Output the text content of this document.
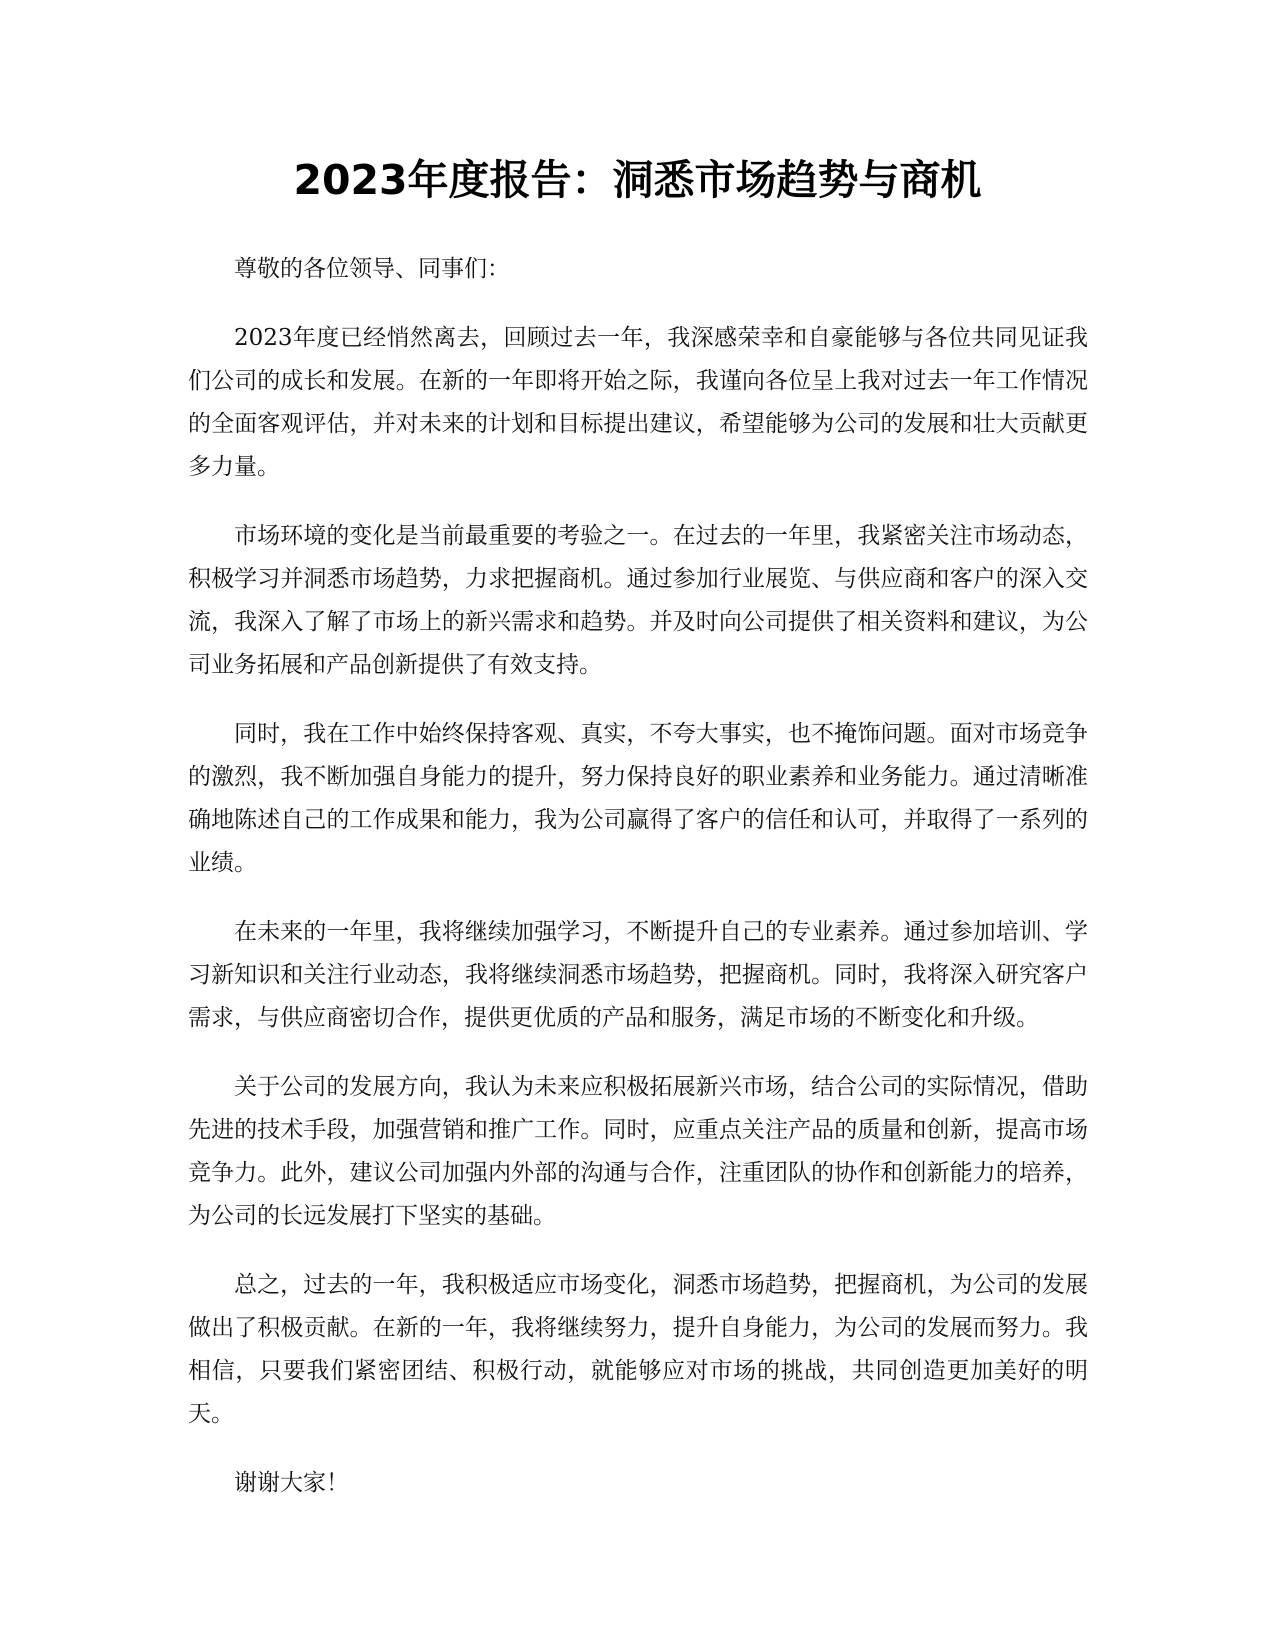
2023年度报告：洞悉市场趋势与商机

尊敬的各位领导、同事们：

2023年度已经悄然离去，回顾过去一年，我深感荣幸和自豪能够与各位共同见证我们公司的成长和发展。在新的一年即将开始之际，我谨向各位呈上我对过去一年工作情况的全面客观评估，并对未来的计划和目标提出建议，希望能够为公司的发展和壮大贡献更多力量。

市场环境的变化是当前最重要的考验之一。在过去的一年里，我紧密关注市场动态，积极学习并洞悉市场趋势，力求把握商机。通过参加行业展览、与供应商和客户的深入交流，我深入了解了市场上的新兴需求和趋势。并及时向公司提供了相关资料和建议，为公司业务拓展和产品创新提供了有效支持。

同时，我在工作中始终保持客观、真实，不夸大事实，也不掩饰问题。面对市场竞争的激烈，我不断加强自身能力的提升，努力保持良好的职业素养和业务能力。通过清晰准确地陈述自己的工作成果和能力，我为公司赢得了客户的信任和认可，并取得了一系列的业绩。

在未来的一年里，我将继续加强学习，不断提升自己的专业素养。通过参加培训、学习新知识和关注行业动态，我将继续洞悉市场趋势，把握商机。同时，我将深入研究客户需求，与供应商密切合作，提供更优质的产品和服务，满足市场的不断变化和升级。

关于公司的发展方向，我认为未来应积极拓展新兴市场，结合公司的实际情况，借助先进的技术手段，加强营销和推广工作。同时，应重点关注产品的质量和创新，提高市场竞争力。此外，建议公司加强内外部的沟通与合作，注重团队的协作和创新能力的培养，为公司的长远发展打下坚实的基础。

总之，过去的一年，我积极适应市场变化，洞悉市场趋势，把握商机，为公司的发展做出了积极贡献。在新的一年，我将继续努力，提升自身能力，为公司的发展而努力。我相信，只要我们紧密团结、积极行动，就能够应对市场的挑战，共同创造更加美好的明天。

谢谢大家！
